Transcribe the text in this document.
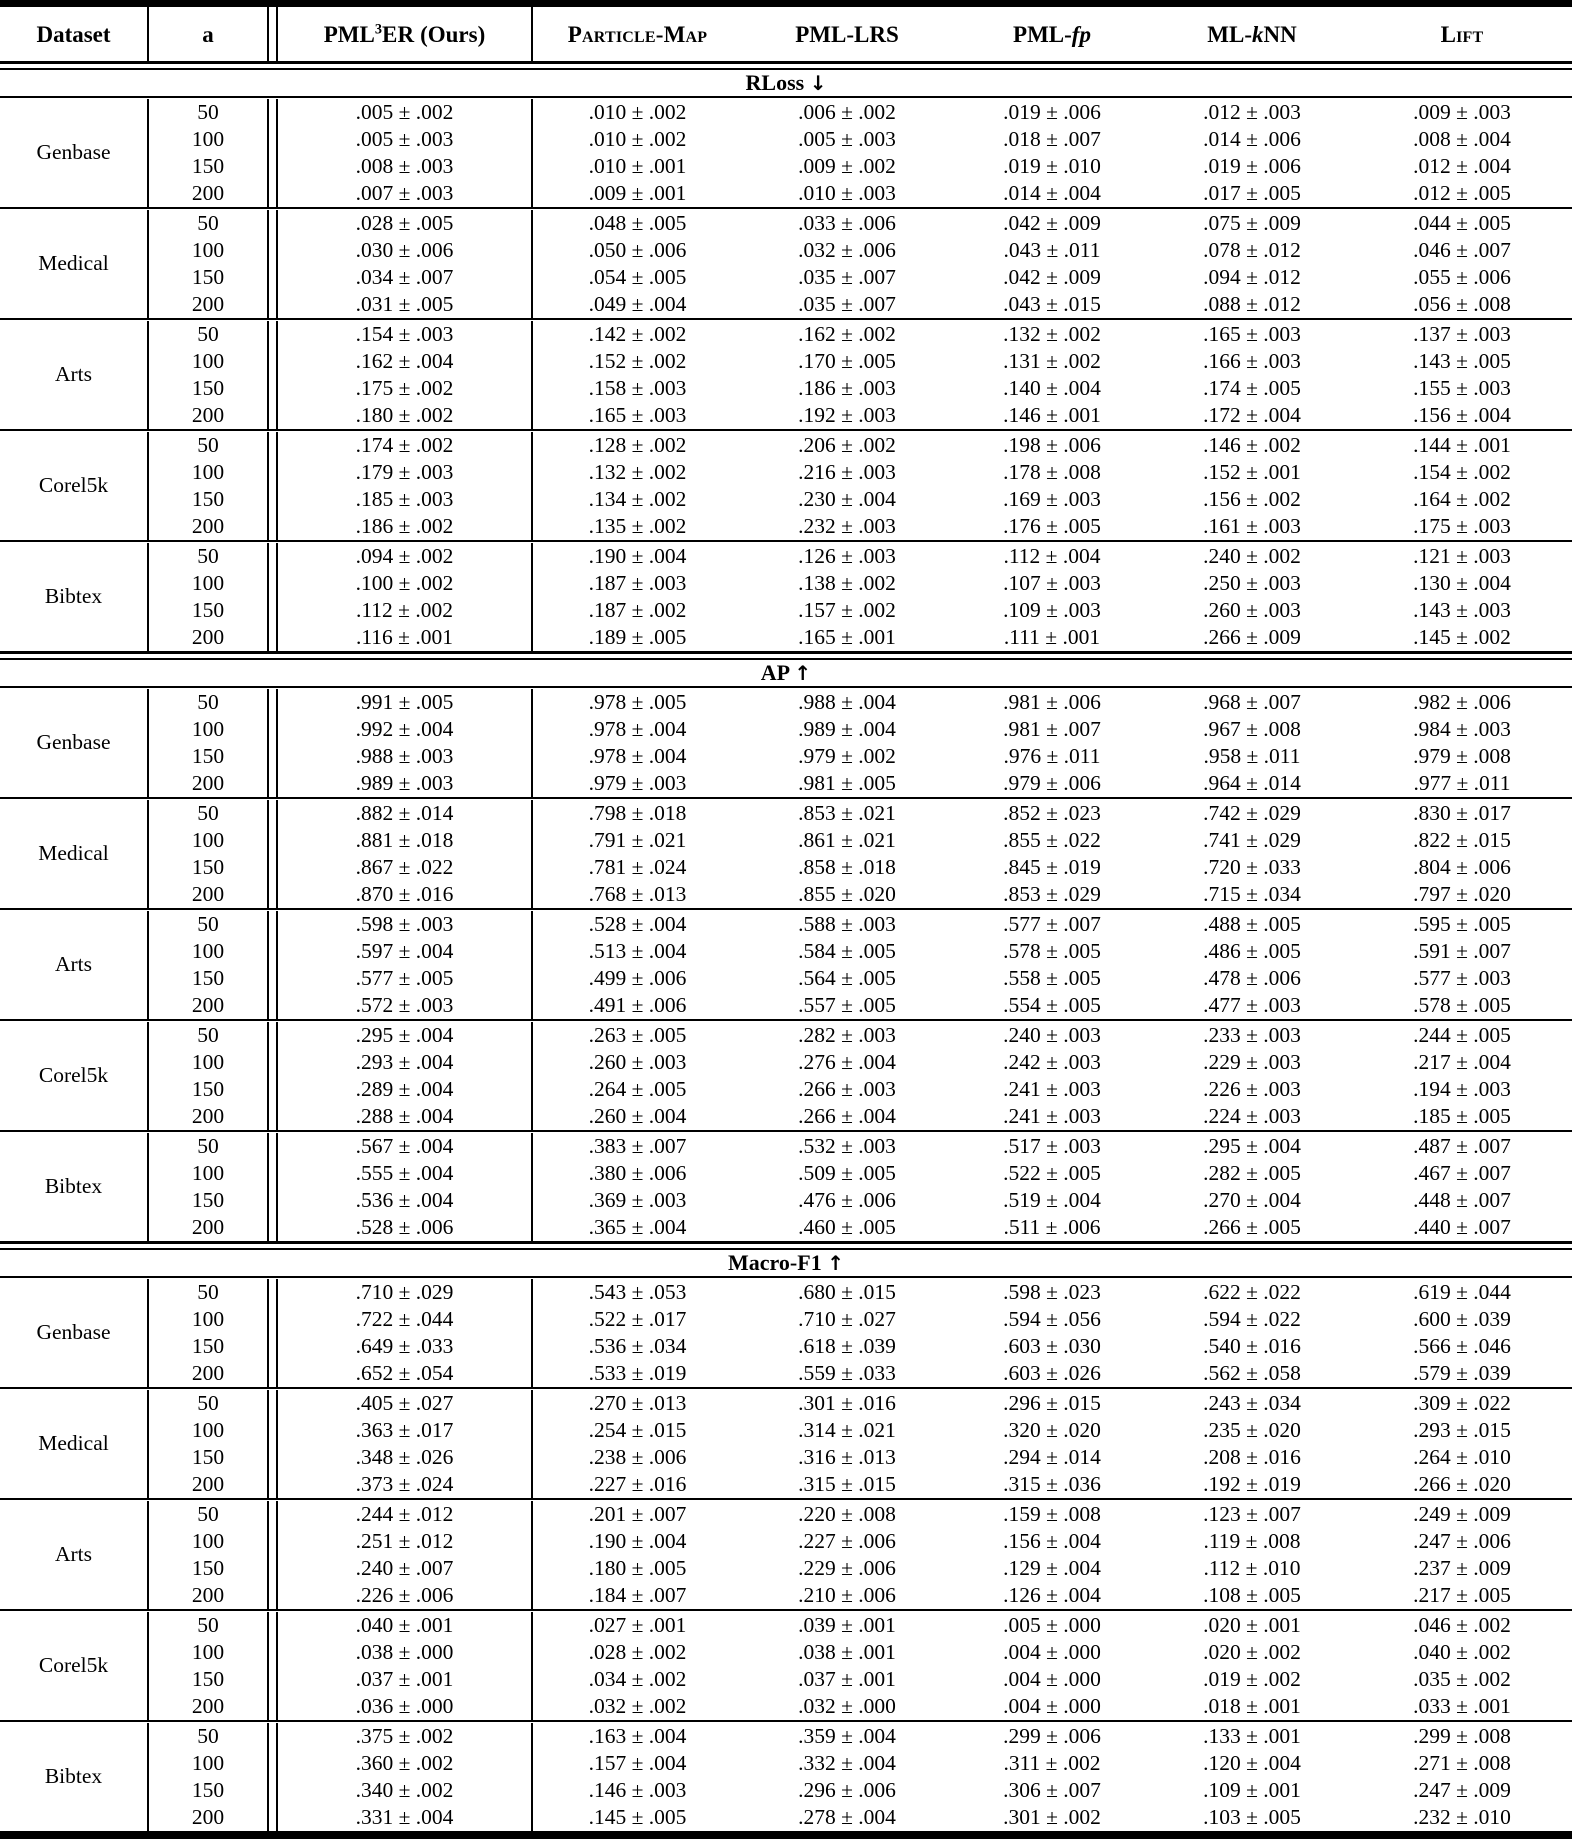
Dataset	a		PML$^3$ER (Ours)	Particle-Map	PML-LRS	PML-fp	ML-kNN	Lift

RLoss ↓								

Genbase	50		.005 ± .002	.010 ± .002	.006 ± .002	.019 ± .006	.012 ± .003	.009 ± .003
	100		.005 ± .003	.010 ± .002	.005 ± .003	.018 ± .007	.014 ± .006	.008 ± .004
	150		.008 ± .003	.010 ± .001	.009 ± .002	.019 ± .010	.019 ± .006	.012 ± .004
	200		.007 ± .003	.009 ± .001	.010 ± .003	.014 ± .004	.017 ± .005	.012 ± .005

Medical	50		.028 ± .005	.048 ± .005	.033 ± .006	.042 ± .009	.075 ± .009	.044 ± .005
	100		.030 ± .006	.050 ± .006	.032 ± .006	.043 ± .011	.078 ± .012	.046 ± .007
	150		.034 ± .007	.054 ± .005	.035 ± .007	.042 ± .009	.094 ± .012	.055 ± .006
	200		.031 ± .005	.049 ± .004	.035 ± .007	.043 ± .015	.088 ± .012	.056 ± .008

Arts	50		.154 ± .003	.142 ± .002	.162 ± .002	.132 ± .002	.165 ± .003	.137 ± .003
	100		.162 ± .004	.152 ± .002	.170 ± .005	.131 ± .002	.166 ± .003	.143 ± .005
	150		.175 ± .002	.158 ± .003	.186 ± .003	.140 ± .004	.174 ± .005	.155 ± .003
	200		.180 ± .002	.165 ± .003	.192 ± .003	.146 ± .001	.172 ± .004	.156 ± .004

Corel5k	50		.174 ± .002	.128 ± .002	.206 ± .002	.198 ± .006	.146 ± .002	.144 ± .001
	100		.179 ± .003	.132 ± .002	.216 ± .003	.178 ± .008	.152 ± .001	.154 ± .002
	150		.185 ± .003	.134 ± .002	.230 ± .004	.169 ± .003	.156 ± .002	.164 ± .002
	200		.186 ± .002	.135 ± .002	.232 ± .003	.176 ± .005	.161 ± .003	.175 ± .003

Bibtex	50		.094 ± .002	.190 ± .004	.126 ± .003	.112 ± .004	.240 ± .002	.121 ± .003
	100		.100 ± .002	.187 ± .003	.138 ± .002	.107 ± .003	.250 ± .003	.130 ± .004
	150		.112 ± .002	.187 ± .002	.157 ± .002	.109 ± .003	.260 ± .003	.143 ± .003
	200		.116 ± .001	.189 ± .005	.165 ± .001	.111 ± .001	.266 ± .009	.145 ± .002

AP ↑								

Genbase	50		.991 ± .005	.978 ± .005	.988 ± .004	.981 ± .006	.968 ± .007	.982 ± .006
	100		.992 ± .004	.978 ± .004	.989 ± .004	.981 ± .007	.967 ± .008	.984 ± .003
	150		.988 ± .003	.978 ± .004	.979 ± .002	.976 ± .011	.958 ± .011	.979 ± .008
	200		.989 ± .003	.979 ± .003	.981 ± .005	.979 ± .006	.964 ± .014	.977 ± .011

Medical	50		.882 ± .014	.798 ± .018	.853 ± .021	.852 ± .023	.742 ± .029	.830 ± .017
	100		.881 ± .018	.791 ± .021	.861 ± .021	.855 ± .022	.741 ± .029	.822 ± .015
	150		.867 ± .022	.781 ± .024	.858 ± .018	.845 ± .019	.720 ± .033	.804 ± .006
	200		.870 ± .016	.768 ± .013	.855 ± .020	.853 ± .029	.715 ± .034	.797 ± .020

Arts	50		.598 ± .003	.528 ± .004	.588 ± .003	.577 ± .007	.488 ± .005	.595 ± .005
	100		.597 ± .004	.513 ± .004	.584 ± .005	.578 ± .005	.486 ± .005	.591 ± .007
	150		.577 ± .005	.499 ± .006	.564 ± .005	.558 ± .005	.478 ± .006	.577 ± .003
	200		.572 ± .003	.491 ± .006	.557 ± .005	.554 ± .005	.477 ± .003	.578 ± .005

Corel5k	50		.295 ± .004	.263 ± .005	.282 ± .003	.240 ± .003	.233 ± .003	.244 ± .005
	100		.293 ± .004	.260 ± .003	.276 ± .004	.242 ± .003	.229 ± .003	.217 ± .004
	150		.289 ± .004	.264 ± .005	.266 ± .003	.241 ± .003	.226 ± .003	.194 ± .003
	200		.288 ± .004	.260 ± .004	.266 ± .004	.241 ± .003	.224 ± .003	.185 ± .005

Bibtex	50		.567 ± .004	.383 ± .007	.532 ± .003	.517 ± .003	.295 ± .004	.487 ± .007
	100		.555 ± .004	.380 ± .006	.509 ± .005	.522 ± .005	.282 ± .005	.467 ± .007
	150		.536 ± .004	.369 ± .003	.476 ± .006	.519 ± .004	.270 ± .004	.448 ± .007
	200		.528 ± .006	.365 ± .004	.460 ± .005	.511 ± .006	.266 ± .005	.440 ± .007

Macro-F1 ↑								

Genbase	50		.710 ± .029	.543 ± .053	.680 ± .015	.598 ± .023	.622 ± .022	.619 ± .044
	100		.722 ± .044	.522 ± .017	.710 ± .027	.594 ± .056	.594 ± .022	.600 ± .039
	150		.649 ± .033	.536 ± .034	.618 ± .039	.603 ± .030	.540 ± .016	.566 ± .046
	200		.652 ± .054	.533 ± .019	.559 ± .033	.603 ± .026	.562 ± .058	.579 ± .039

Medical	50		.405 ± .027	.270 ± .013	.301 ± .016	.296 ± .015	.243 ± .034	.309 ± .022
	100		.363 ± .017	.254 ± .015	.314 ± .021	.320 ± .020	.235 ± .020	.293 ± .015
	150		.348 ± .026	.238 ± .006	.316 ± .013	.294 ± .014	.208 ± .016	.264 ± .010
	200		.373 ± .024	.227 ± .016	.315 ± .015	.315 ± .036	.192 ± .019	.266 ± .020

Arts	50		.244 ± .012	.201 ± .007	.220 ± .008	.159 ± .008	.123 ± .007	.249 ± .009
	100		.251 ± .012	.190 ± .004	.227 ± .006	.156 ± .004	.119 ± .008	.247 ± .006
	150		.240 ± .007	.180 ± .005	.229 ± .006	.129 ± .004	.112 ± .010	.237 ± .009
	200		.226 ± .006	.184 ± .007	.210 ± .006	.126 ± .004	.108 ± .005	.217 ± .005

Corel5k	50		.040 ± .001	.027 ± .001	.039 ± .001	.005 ± .000	.020 ± .001	.046 ± .002
	100		.038 ± .000	.028 ± .002	.038 ± .001	.004 ± .000	.020 ± .002	.040 ± .002
	150		.037 ± .001	.034 ± .002	.037 ± .001	.004 ± .000	.019 ± .002	.035 ± .002
	200		.036 ± .000	.032 ± .002	.032 ± .000	.004 ± .000	.018 ± .001	.033 ± .001

Bibtex	50		.375 ± .002	.163 ± .004	.359 ± .004	.299 ± .006	.133 ± .001	.299 ± .008
	100		.360 ± .002	.157 ± .004	.332 ± .004	.311 ± .002	.120 ± .004	.271 ± .008
	150		.340 ± .002	.146 ± .003	.296 ± .006	.306 ± .007	.109 ± .001	.247 ± .009
	200		.331 ± .004	.145 ± .005	.278 ± .004	.301 ± .002	.103 ± .005	.232 ± .010
